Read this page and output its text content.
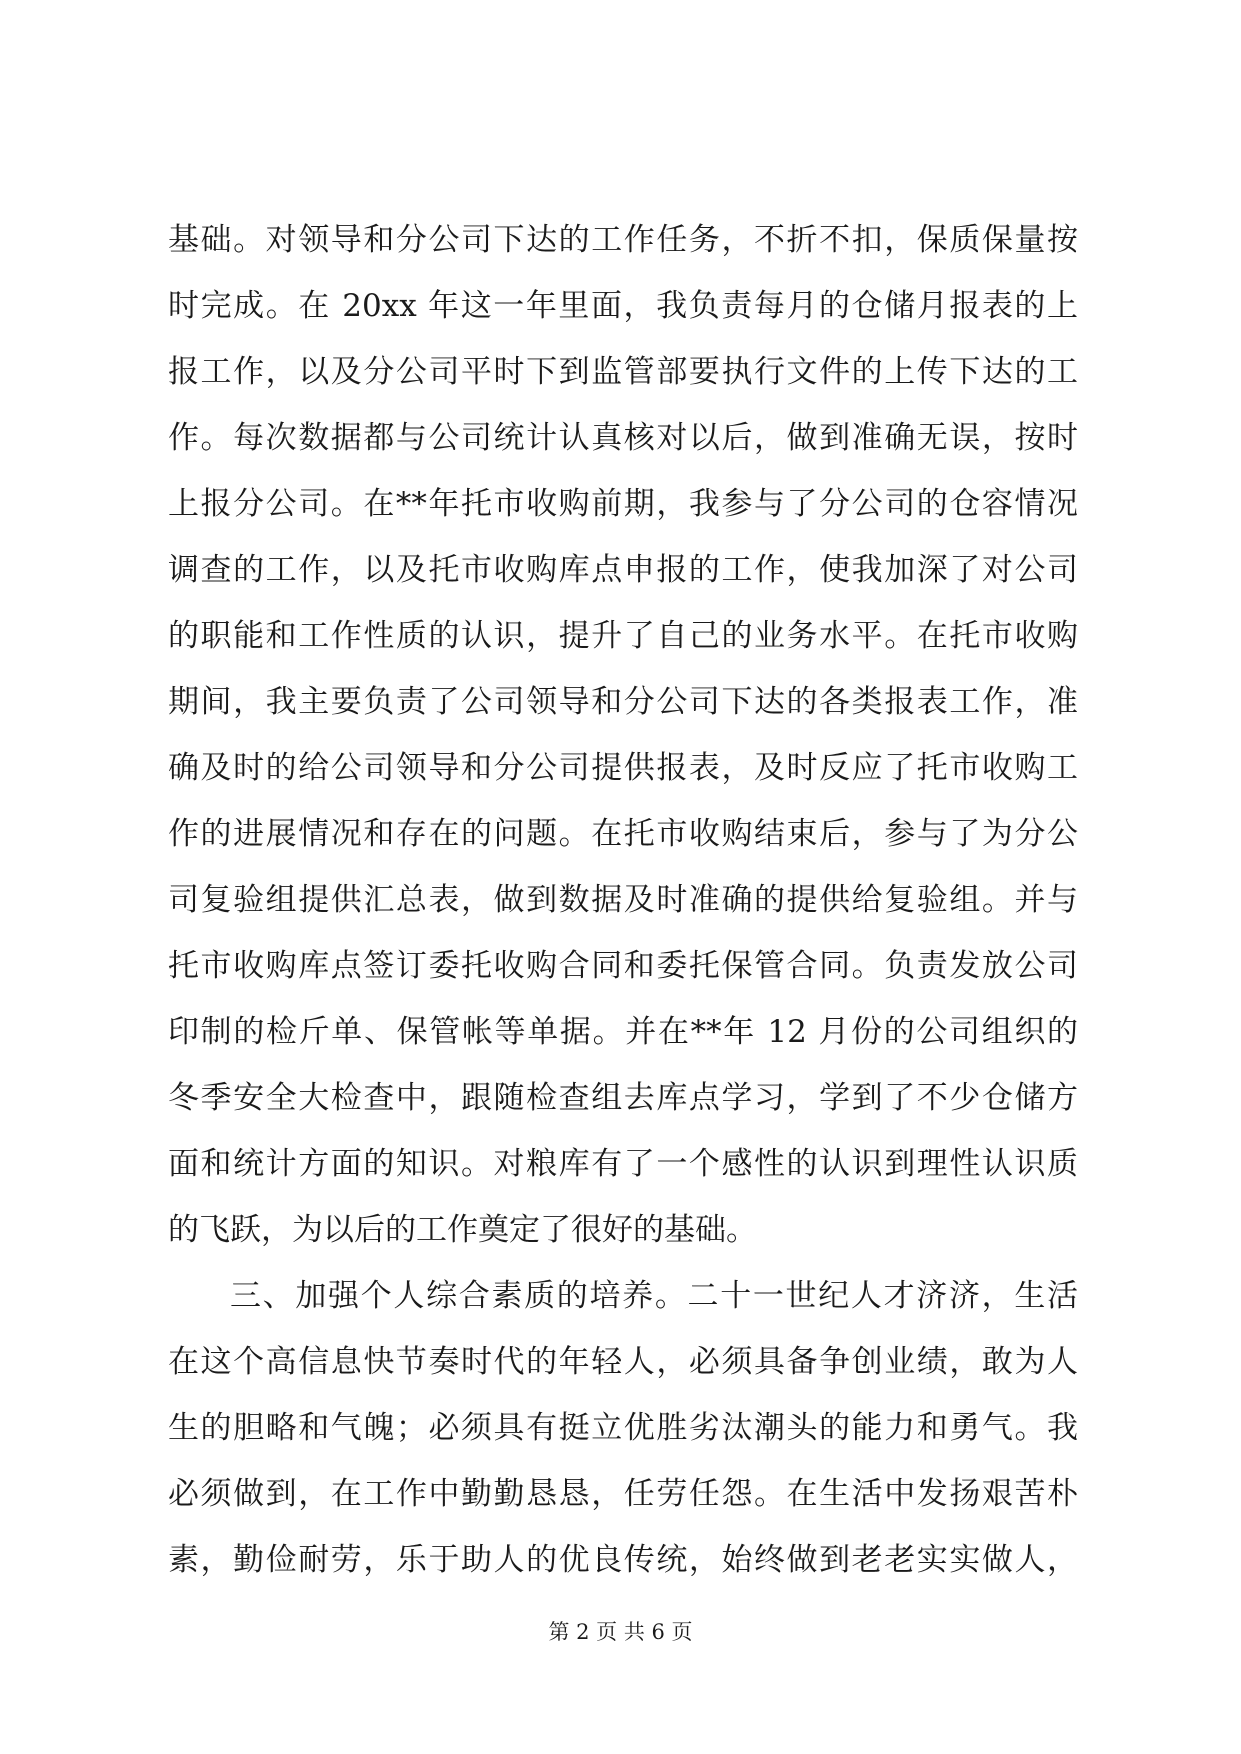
基础。对领导和分公司下达的工作任务，不折不扣，保质保量按
时完成。在 20xx 年这一年里面，我负责每月的仓储月报表的上
报工作，以及分公司平时下到监管部要执行文件的上传下达的工
作。每次数据都与公司统计认真核对以后，做到准确无误，按时
上报分公司。在**年托市收购前期，我参与了分公司的仓容情况
调查的工作，以及托市收购库点申报的工作，使我加深了对公司
的职能和工作性质的认识，提升了自己的业务水平。在托市收购
期间，我主要负责了公司领导和分公司下达的各类报表工作，准
确及时的给公司领导和分公司提供报表，及时反应了托市收购工
作的进展情况和存在的问题。在托市收购结束后，参与了为分公
司复验组提供汇总表，做到数据及时准确的提供给复验组。并与
托市收购库点签订委托收购合同和委托保管合同。负责发放公司
印制的检斤单、保管帐等单据。并在**年 12 月份的公司组织的
冬季安全大检查中，跟随检查组去库点学习，学到了不少仓储方
面和统计方面的知识。对粮库有了一个感性的认识到理性认识质
的飞跃，为以后的工作奠定了很好的基础。
三、加强个人综合素质的培养。二十一世纪人才济济，生活
在这个高信息快节奏时代的年轻人，必须具备争创业绩，敢为人
生的胆略和气魄；必须具有挺立优胜劣汰潮头的能力和勇气。我
必须做到，在工作中勤勤恳恳，任劳任怨。在生活中发扬艰苦朴
素，勤俭耐劳，乐于助人的优良传统，始终做到老老实实做人，
第 2 页 共 6 页
